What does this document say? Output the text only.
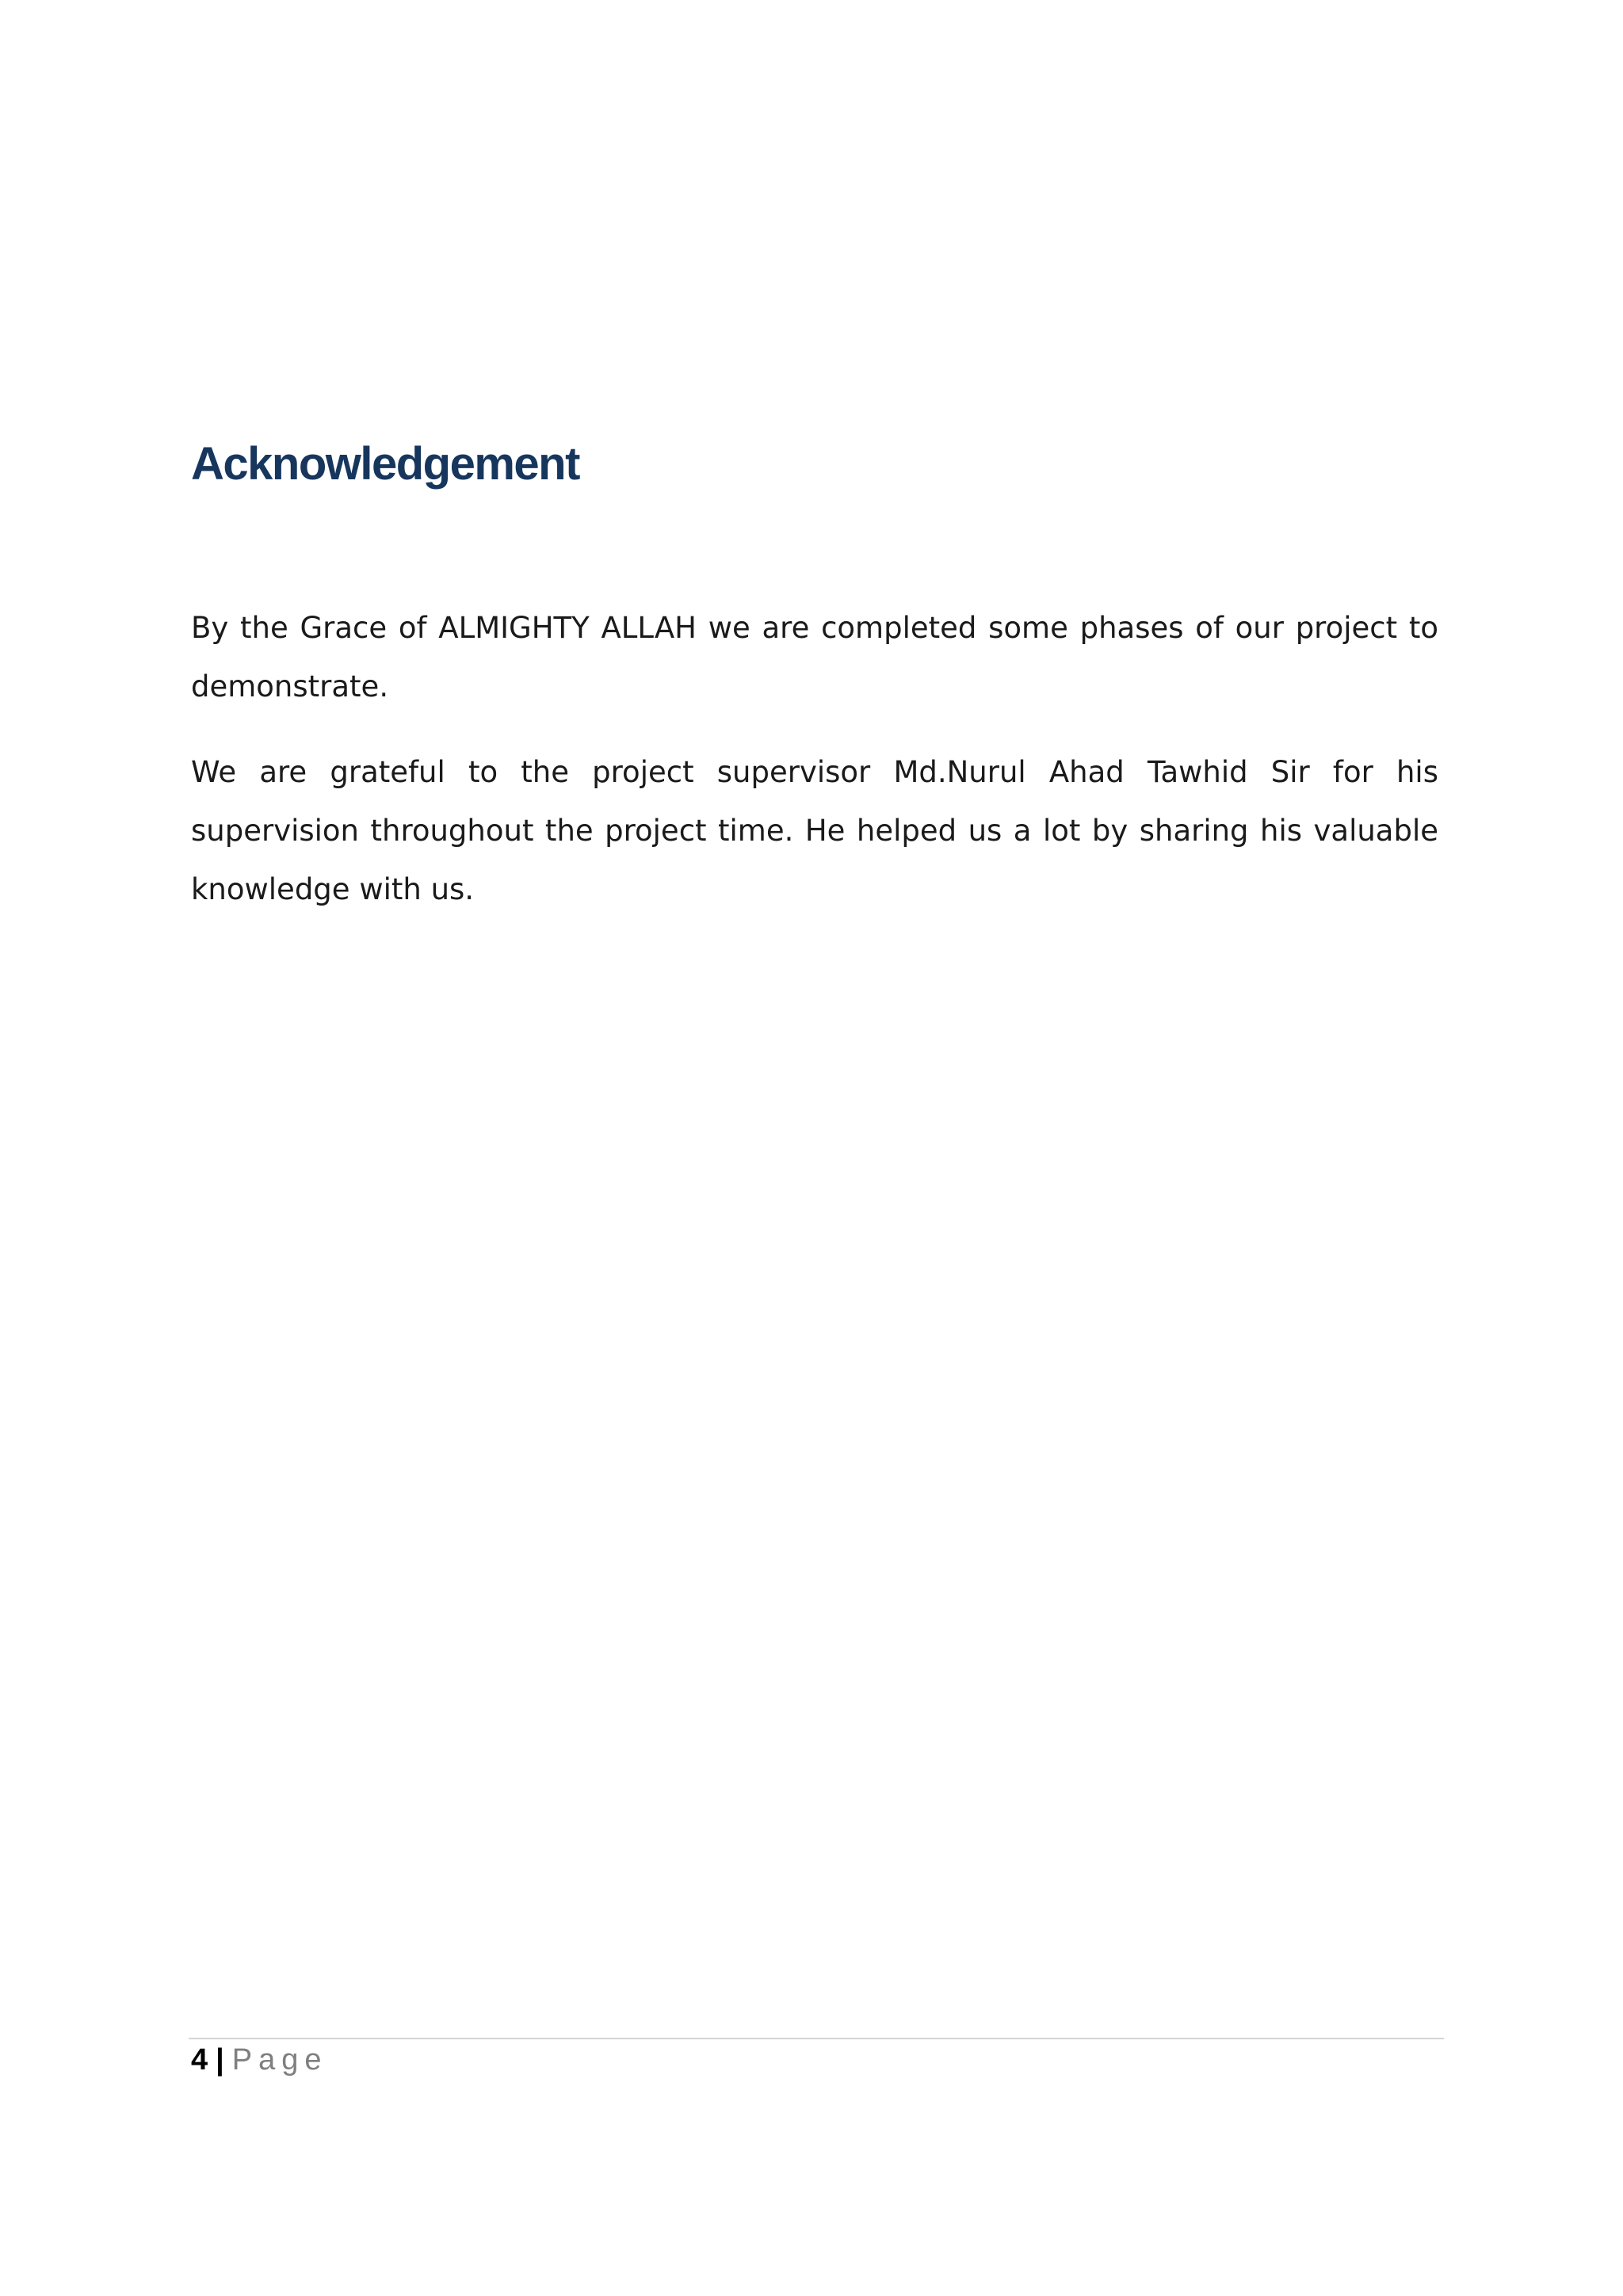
Acknowledgement

By the Grace of ALMIGHTY ALLAH we are completed some phases of our project to demonstrate.

We are grateful to the project supervisor Md.Nurul Ahad Tawhid Sir for his supervision throughout the project time. He helped us a lot by sharing his valuable knowledge with us.

4 | Page
